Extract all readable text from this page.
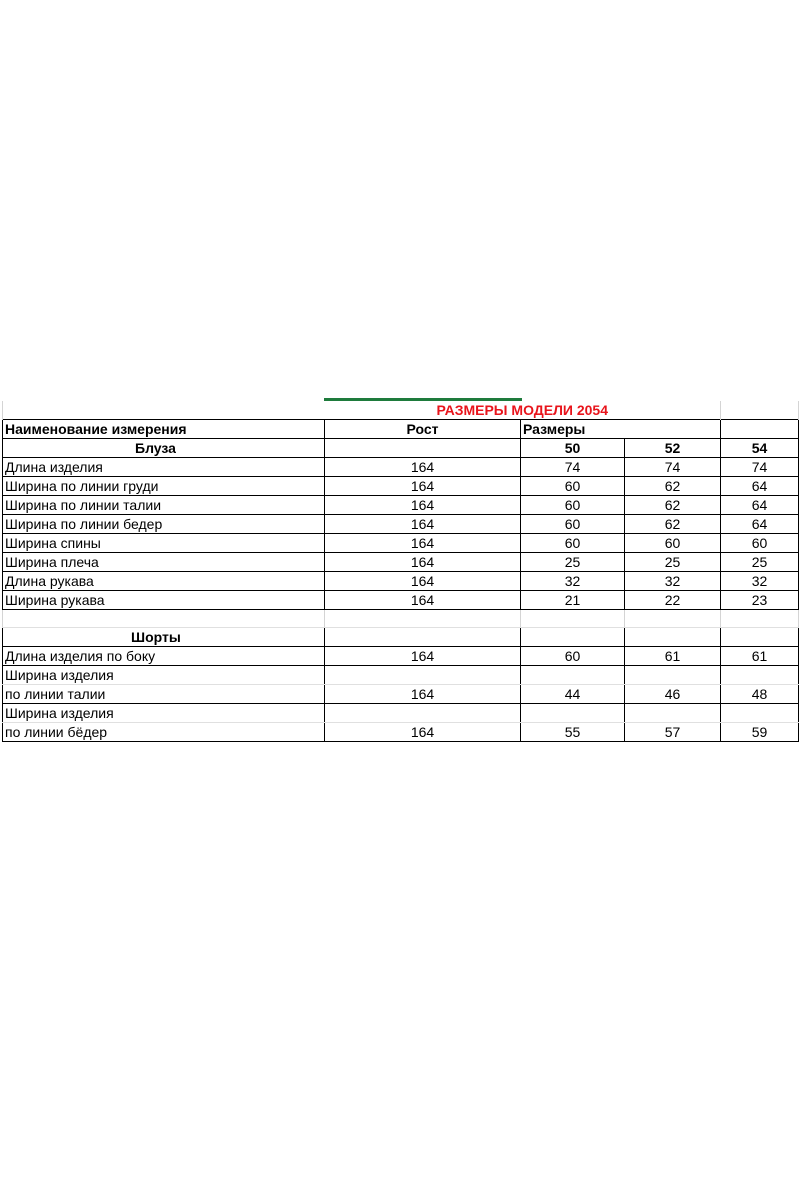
	РАЗМЕРЫ МОДЕЛИ 2054			
Наименование измерения	Рост	Размеры		
Блуза		50	52	54
Длина изделия	164	74	74	74
Ширина по линии груди	164	60	62	64
Ширина по линии талии	164	60	62	64
Ширина по линии бедер	164	60	62	64
Ширина спины	164	60	60	60
Ширина плеча	164	25	25	25
Длина рукава	164	32	32	32
Ширина рукава	164	21	22	23

Шорты				
Длина изделия по боку	164	60	61	61
Ширина изделия				
по линии талии	164	44	46	48
Ширина изделия				
по линии бёдер	164	55	57	59
